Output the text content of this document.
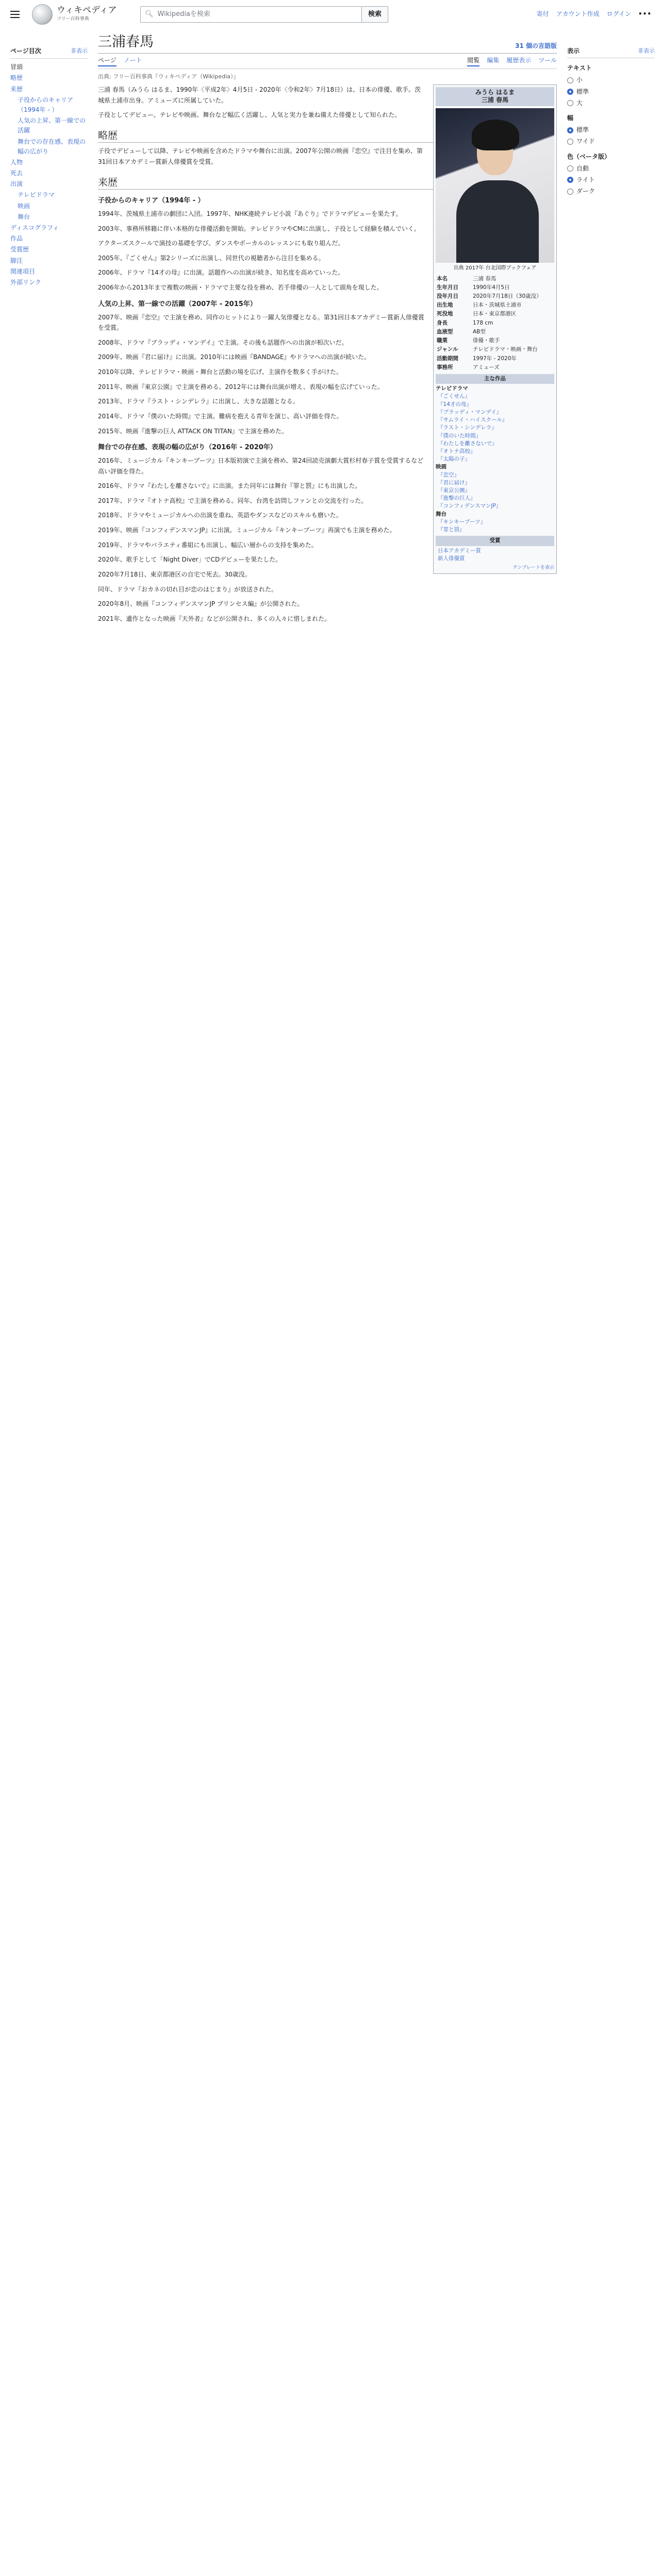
ウィキペディア
フリー百科事典
🔍︎ Wikipediaを検索	検索	寄付 アカウント作成 ログイン •••
ページ目次	非表示
冒頭
略歴
来歴
子役からのキャリア（1994年 - ）
人気の上昇、第一線での活躍
舞台での存在感、表現の幅の広がり
人物
死去
出演
テレビドラマ
映画
舞台
ディスコグラフィ
作品
受賞歴
脚注
関連項目
外部リンク
三浦春馬	31 個の言語版
ページ ノート	閲覧 編集 履歴表示 ツール
出典: フリー百科事典『ウィキペディア（Wikipedia）』
みうら はるま
三浦 春馬
出典 2017年 台北国際ブックフェア
本名	三浦 春馬
生年月日	1990年4月5日
没年月日	2020年7月18日（30歳没）
出生地	日本・茨城県土浦市
死没地	日本・東京都港区
身長	178 cm
血液型	AB型
職業	俳優・歌手
ジャンル	テレビドラマ・映画・舞台
活動期間	1997年 - 2020年
事務所	アミューズ
主な作品
テレビドラマ
『ごくせん』
『14才の母』
『ブラッディ・マンデイ』
『サムライ・ハイスクール』
『ラスト・シンデレラ』
『僕のいた時間』
『わたしを離さないで』
『オトナ高校』
『太陽の子』
映画
『恋空』
『君に届け』
『東京公園』
『進撃の巨人』
『コンフィデンスマンJP』
舞台
『キンキーブーツ』
『罪と罰』
受賞
日本アカデミー賞
新人俳優賞
テンプレートを表示

三浦 春馬（みうら はるま、1990年〈平成2年〉4月5日 - 2020年〈令和2年〉7月18日）は、日本の俳優、歌手。茨城県土浦市出身。アミューズに所属していた。

子役としてデビュー。テレビや映画、舞台など幅広く活躍し、人気と実力を兼ね備えた俳優として知られた。

略歴

子役でデビューして以降、テレビや映画を含めたドラマや舞台に出演。2007年公開の映画『恋空』で注目を集め、第31回日本アカデミー賞新人俳優賞を受賞。

来歴
子役からのキャリア（1994年 - ）

1994年、茨城県土浦市の劇団に入団。1997年、NHK連続テレビ小説『あぐり』でドラマデビューを果たす。

2003年、事務所移籍に伴い本格的な俳優活動を開始。テレビドラマやCMに出演し、子役として経験を積んでいく。

アクターズスクールで演技の基礎を学び、ダンスやボーカルのレッスンにも取り組んだ。

2005年、『ごくせん』第2シリーズに出演し、同世代の視聴者から注目を集める。

2006年、ドラマ『14才の母』に出演。話題作への出演が続き、知名度を高めていった。

2006年から2013年まで複数の映画・ドラマで主要な役を務め、若手俳優の一人として頭角を現した。

人気の上昇、第一線での活躍（2007年 - 2015年）

2007年、映画『恋空』で主演を務め、同作のヒットにより一躍人気俳優となる。第31回日本アカデミー賞新人俳優賞を受賞。

2008年、ドラマ『ブラッディ・マンデイ』で主演。その後も話題作への出演が相次いだ。

2009年、映画『君に届け』に出演。2010年には映画『BANDAGE』やドラマへの出演が続いた。

2010年以降、テレビドラマ・映画・舞台と活動の場を広げ、主演作を数多く手がけた。

2011年、映画『東京公園』で主演を務める。2012年には舞台出演が増え、表現の幅を広げていった。

2013年、ドラマ『ラスト・シンデレラ』に出演し、大きな話題となる。

2014年、ドラマ『僕のいた時間』で主演。難病を抱える青年を演じ、高い評価を得た。

2015年、映画『進撃の巨人 ATTACK ON TITAN』で主演を務めた。

舞台での存在感、表現の幅の広がり（2016年 - 2020年）

2016年、ミュージカル『キンキーブーツ』日本版初演で主演を務め、第24回読売演劇大賞杉村春子賞を受賞するなど高い評価を得た。

2016年、ドラマ『わたしを離さないで』に出演。また同年には舞台『罪と罰』にも出演した。

2017年、ドラマ『オトナ高校』で主演を務める。同年、台湾を訪問しファンとの交流を行った。

2018年、ドラマやミュージカルへの出演を重ね、英語やダンスなどのスキルも磨いた。

2019年、映画『コンフィデンスマンJP』に出演。ミュージカル『キンキーブーツ』再演でも主演を務めた。

2019年、ドラマやバラエティ番組にも出演し、幅広い層からの支持を集めた。

2020年、歌手として「Night Diver」でCDデビューを果たした。

2020年7月18日、東京都港区の自宅で死去。30歳没。

同年、ドラマ『おカネの切れ目が恋のはじまり』が放送された。

2020年8月、映画『コンフィデンスマンJP プリンセス編』が公開された。

2021年、遺作となった映画『天外者』などが公開され、多くの人々に惜しまれた。

表示	非表示
テキスト
小
標準
大
幅
標準
ワイド
色（ベータ版）
自動
ライト
ダーク
